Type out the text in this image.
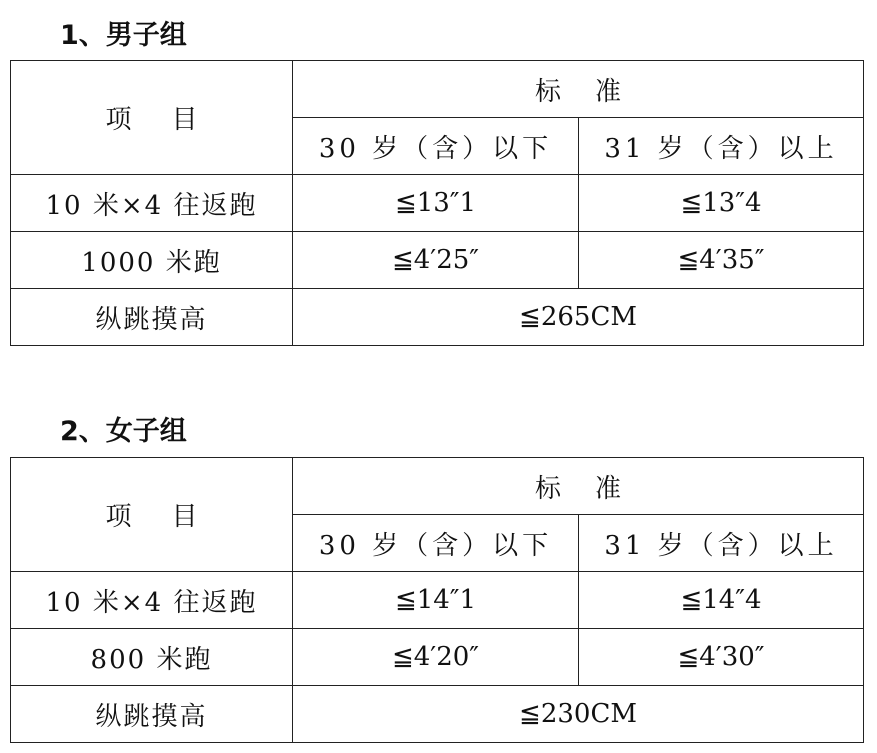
1、男子组
项目	标准	
	30 岁（含）以下	31 岁（含）以上
10 米×4 往返跑	≦13″1	≦13″4
1000 米跑	≦4′25″	≦4′35″
纵跳摸高	≦265CM	
2、女子组
项目	标准	
	30 岁（含）以下	31 岁（含）以上
10 米×4 往返跑	≦14″1	≦14″4
800 米跑	≦4′20″	≦4′30″
纵跳摸高	≦230CM	
